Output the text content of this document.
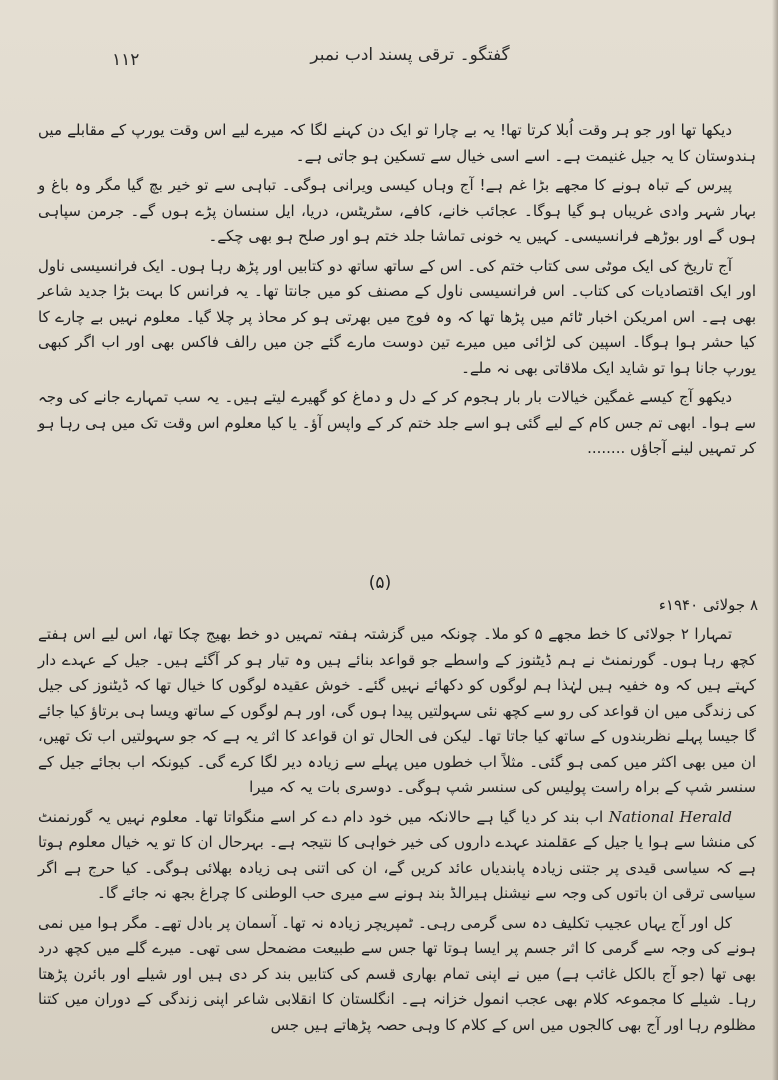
۱۱۲	گفتگو۔ ترقی پسند ادب نمبر

دیکھا تھا اور جو ہر وقت اُبلا کرتا تھا! یہ بے چارا تو ایک دن کہنے لگا کہ میرے لیے اس وقت یورپ کے مقابلے میں ہندوستان کا یہ جیل غنیمت ہے۔ اسے اسی خیال سے تسکین ہو جاتی ہے۔

پیرس کے تباہ ہونے کا مجھے بڑا غم ہے! آج وہاں کیسی ویرانی ہوگی۔ تباہی سے تو خیر بچ گیا مگر وہ باغ و بہار شہر وادی غریباں ہو گیا ہوگا۔ عجائب خانے، کافے، سٹریٹس، دریا، ایل سنسان پڑے ہوں گے۔ جرمن سپاہی ہوں گے اور بوڑھے فرانسیسی۔ کہیں یہ خونی تماشا جلد ختم ہو اور صلح ہو بھی چکے۔

آج تاریخ کی ایک موٹی سی کتاب ختم کی۔ اس کے ساتھ ساتھ دو کتابیں اور پڑھ رہا ہوں۔ ایک فرانسیسی ناول اور ایک اقتصادیات کی کتاب۔ اس فرانسیسی ناول کے مصنف کو میں جانتا تھا۔ یہ فرانس کا بہت بڑا جدید شاعر بھی ہے۔ اس امریکن اخبار ٹائم میں پڑھا تھا کہ وہ فوج میں بھرتی ہو کر محاذ پر چلا گیا۔ معلوم نہیں بے چارے کا کیا حشر ہوا ہوگا۔ اسپین کی لڑائی میں میرے تین دوست مارے گئے جن میں رالف فاکس بھی اور اب اگر کبھی یورپ جانا ہوا تو شاید ایک ملاقاتی بھی نہ ملے۔

دیکھو آج کیسے غمگین خیالات بار بار ہجوم کر کے دل و دماغ کو گھیرے لیتے ہیں۔ یہ سب تمہارے جانے کی وجہ سے ہوا۔ ابھی تم جس کام کے لیے گئی ہو اسے جلد ختم کر کے واپس آؤ۔ یا کیا معلوم اس وقت تک میں ہی رہا ہو کر تمہیں لینے آجاؤں ........

(۵)
۸ جولائی ۱۹۴۰ء

تمہارا ۲ جولائی کا خط مجھے ۵ کو ملا۔ چونکہ میں گزشتہ ہفتہ تمہیں دو خط بھیج چکا تھا، اس لیے اس ہفتے کچھ رہا ہوں۔ گورنمنٹ نے ہم ڈیٹنوز کے واسطے جو قواعد بنائے ہیں وہ تیار ہو کر آگئے ہیں۔ جیل کے عہدے دار کہتے ہیں کہ وہ خفیہ ہیں لہٰذا ہم لوگوں کو دکھائے نہیں گئے۔ خوش عقیدہ لوگوں کا خیال تھا کہ ڈیٹنوز کی جیل کی زندگی میں ان قواعد کی رو سے کچھ نئی سہولتیں پیدا ہوں گی، اور ہم لوگوں کے ساتھ ویسا ہی برتاؤ کیا جائے گا جیسا پہلے نظربندوں کے ساتھ کیا جاتا تھا۔ لیکن فی الحال تو ان قواعد کا اثر یہ ہے کہ جو سہولتیں اب تک تھیں، ان میں بھی اکثر میں کمی ہو گئی۔ مثلاً اب خطوں میں پہلے سے زیادہ دیر لگا کرے گی۔ کیونکہ اب بجائے جیل کے سنسر شپ کے براہ راست پولیس کی سنسر شپ ہوگی۔ دوسری بات یہ کہ میرا

National Herald اب بند کر دیا گیا ہے حالانکہ میں خود دام دے کر اسے منگواتا تھا۔ معلوم نہیں یہ گورنمنٹ کی منشا سے ہوا یا جیل کے عقلمند عہدے داروں کی خیر خواہی کا نتیجہ ہے۔ بہرحال ان کا تو یہ خیال معلوم ہوتا ہے کہ سیاسی قیدی پر جتنی زیادہ پابندیاں عائد کریں گے، ان کی اتنی ہی زیادہ بھلائی ہوگی۔ کیا حرج ہے اگر سیاسی ترقی ان باتوں کی وجہ سے نیشنل ہیرالڈ بند ہونے سے میری حب الوطنی کا چراغ بجھ نہ جائے گا۔

کل اور آج یہاں عجیب تکلیف دہ سی گرمی رہی۔ ٹمپریچر زیادہ نہ تھا۔ آسمان پر بادل تھے۔ مگر ہوا میں نمی ہونے کی وجہ سے گرمی کا اثر جسم پر ایسا ہوتا تھا جس سے طبیعت مضمحل سی تھی۔ میرے گلے میں کچھ درد بھی تھا (جو آج بالکل غائب ہے) میں نے اپنی تمام بھاری قسم کی کتابیں بند کر دی ہیں اور شیلے اور بائرن پڑھتا رہا۔ شیلے کا مجموعہ کلام بھی عجب انمول خزانہ ہے۔ انگلستان کا انقلابی شاعر اپنی زندگی کے دوران میں کتنا مظلوم رہا اور آج بھی کالجوں میں اس کے کلام کا وہی حصہ پڑھاتے ہیں جس
